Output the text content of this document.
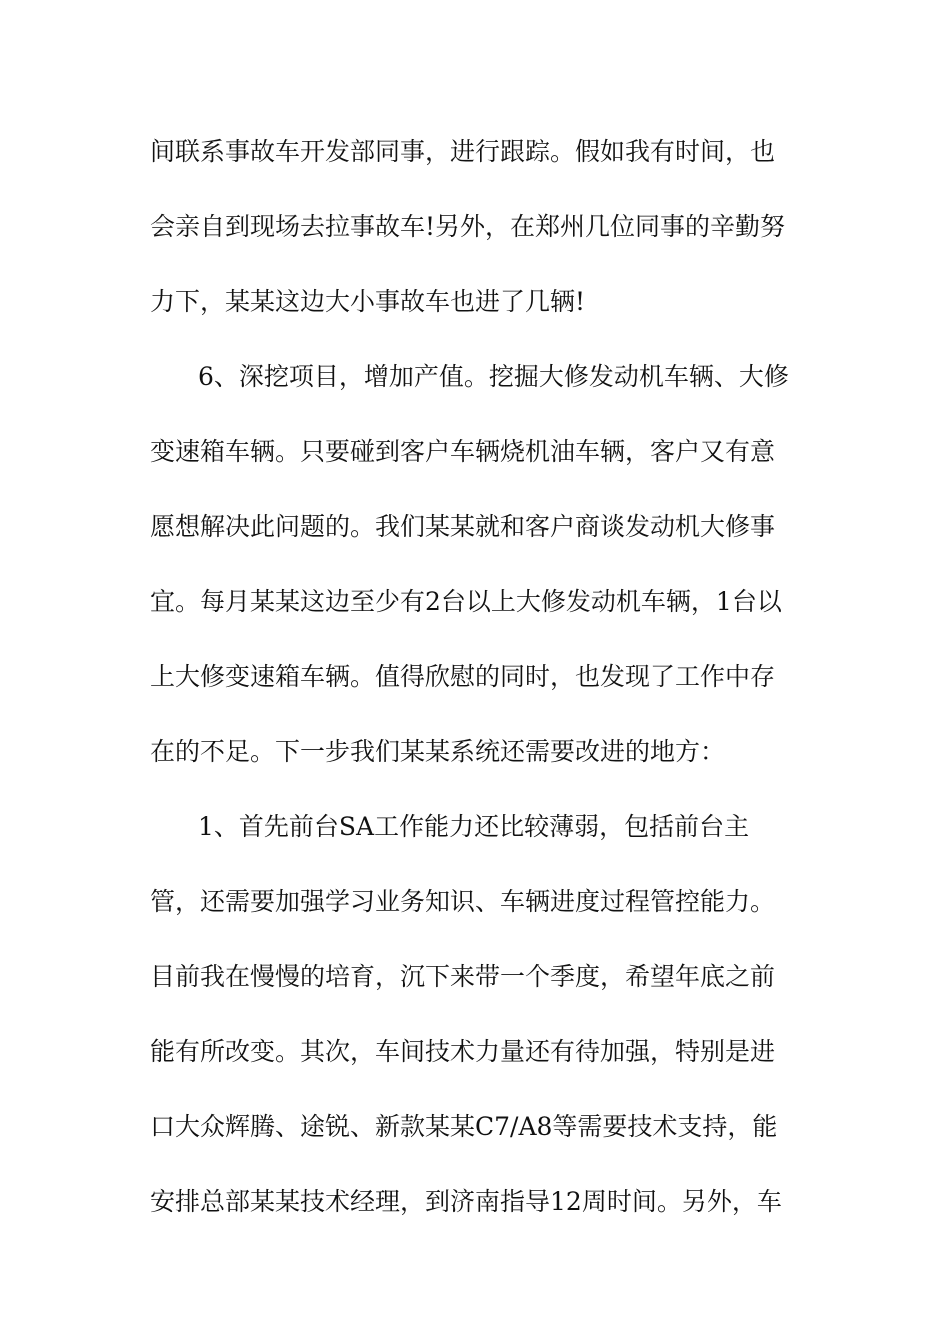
间联系事故车开发部同事，进行跟踪。假如我有时间，也
会亲自到现场去拉事故车!另外，在郑州几位同事的辛勤努
力下，某某这边大小事故车也进了几辆!
6、深挖项目，增加产值。挖掘大修发动机车辆、大修
变速箱车辆。只要碰到客户车辆烧机油车辆，客户又有意
愿想解决此问题的。我们某某就和客户商谈发动机大修事
宜。每月某某这边至少有2台以上大修发动机车辆，1台以
上大修变速箱车辆。值得欣慰的同时，也发现了工作中存
在的不足。下一步我们某某系统还需要改进的地方：
1、首先前台SA工作能力还比较薄弱，包括前台主
管，还需要加强学习业务知识、车辆进度过程管控能力。
目前我在慢慢的培育，沉下来带一个季度，希望年底之前
能有所改变。其次，车间技术力量还有待加强，特别是进
口大众辉腾、途锐、新款某某C7/A8等需要技术支持，能
安排总部某某技术经理，到济南指导12周时间。另外，车
